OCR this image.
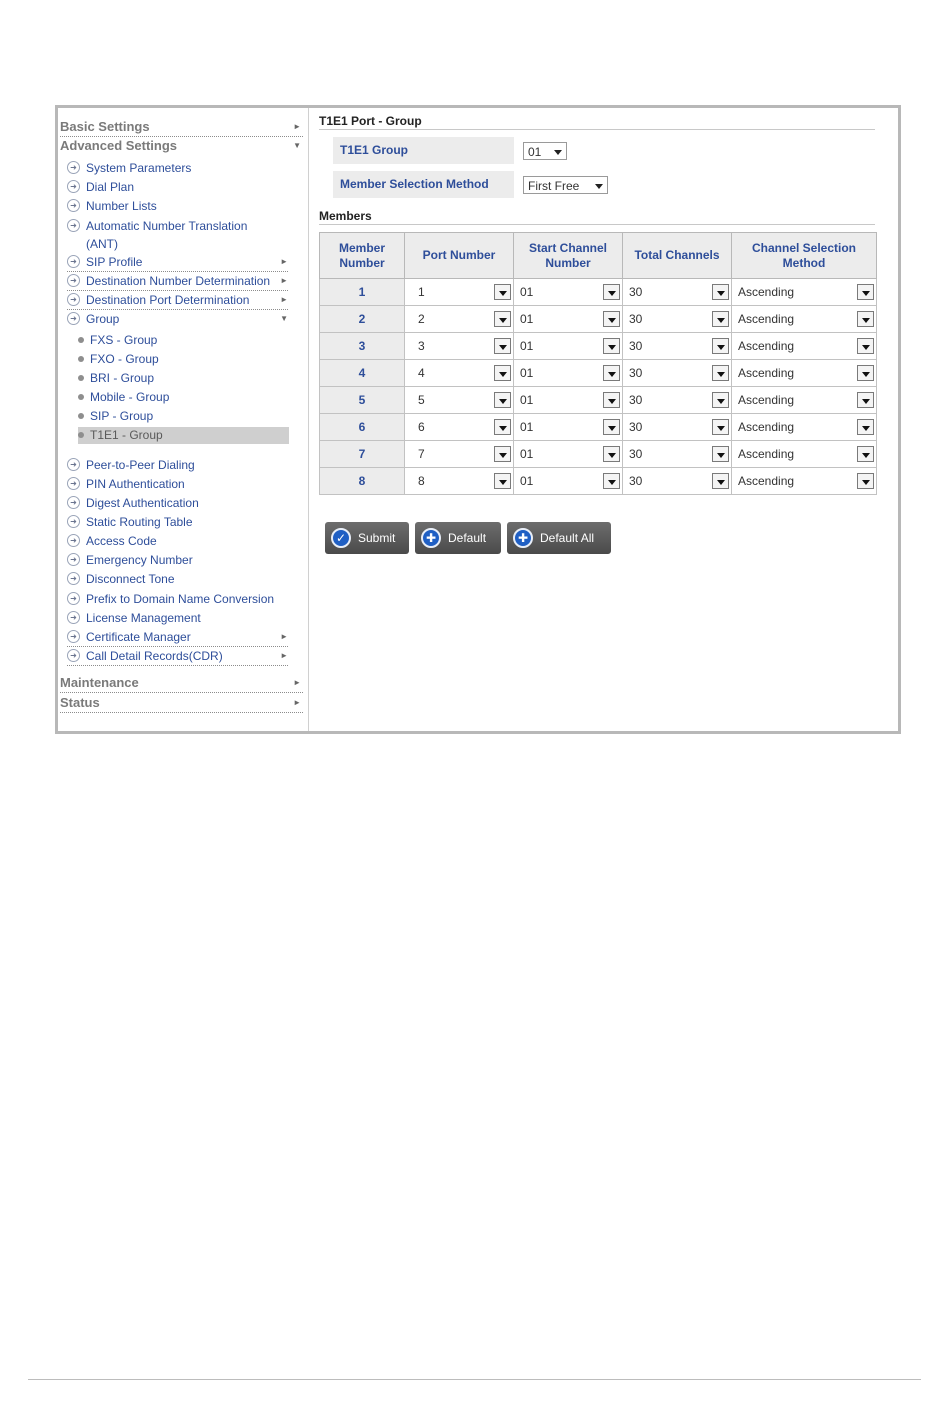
Basic Settings	►
Advanced Settings	▼
➜ System Parameters
➜ Dial Plan
➜ Number Lists
➜ Automatic Number Translation
(ANT)
➜ SIP Profile	►
➜ Destination Number Determination ►
➜ Destination Port Determination	►
➜ Group	▼
FXS - Group
FXO - Group
BRI - Group
Mobile - Group
SIP - Group
T1E1 - Group
➜ Peer-to-Peer Dialing
➜ PIN Authentication
➜ Digest Authentication
➜ Static Routing Table
➜ Access Code
➜ Emergency Number
➜ Disconnect Tone
➜ Prefix to Domain Name Conversion
➜ License Management
➜ Certificate Manager	►
➜ Call Detail Records(CDR)	►
Maintenance	►
Status	►
T1E1 Port - Group
T1E1 Group	01
Member Selection Method	First Free
Members
Member Number	Port Number	Start Channel Number	Total Channels	Channel Selection Method
1	1	01	30	Ascending

2	2	01	30	Ascending

3	3	01	30	Ascending

4	4	01	30	Ascending

5	5	01	30	Ascending

6	6	01	30	Ascending

7	7	01	30	Ascending

8	8	01	30	Ascending
✓ Submit	✚ Default	✚ Default All
